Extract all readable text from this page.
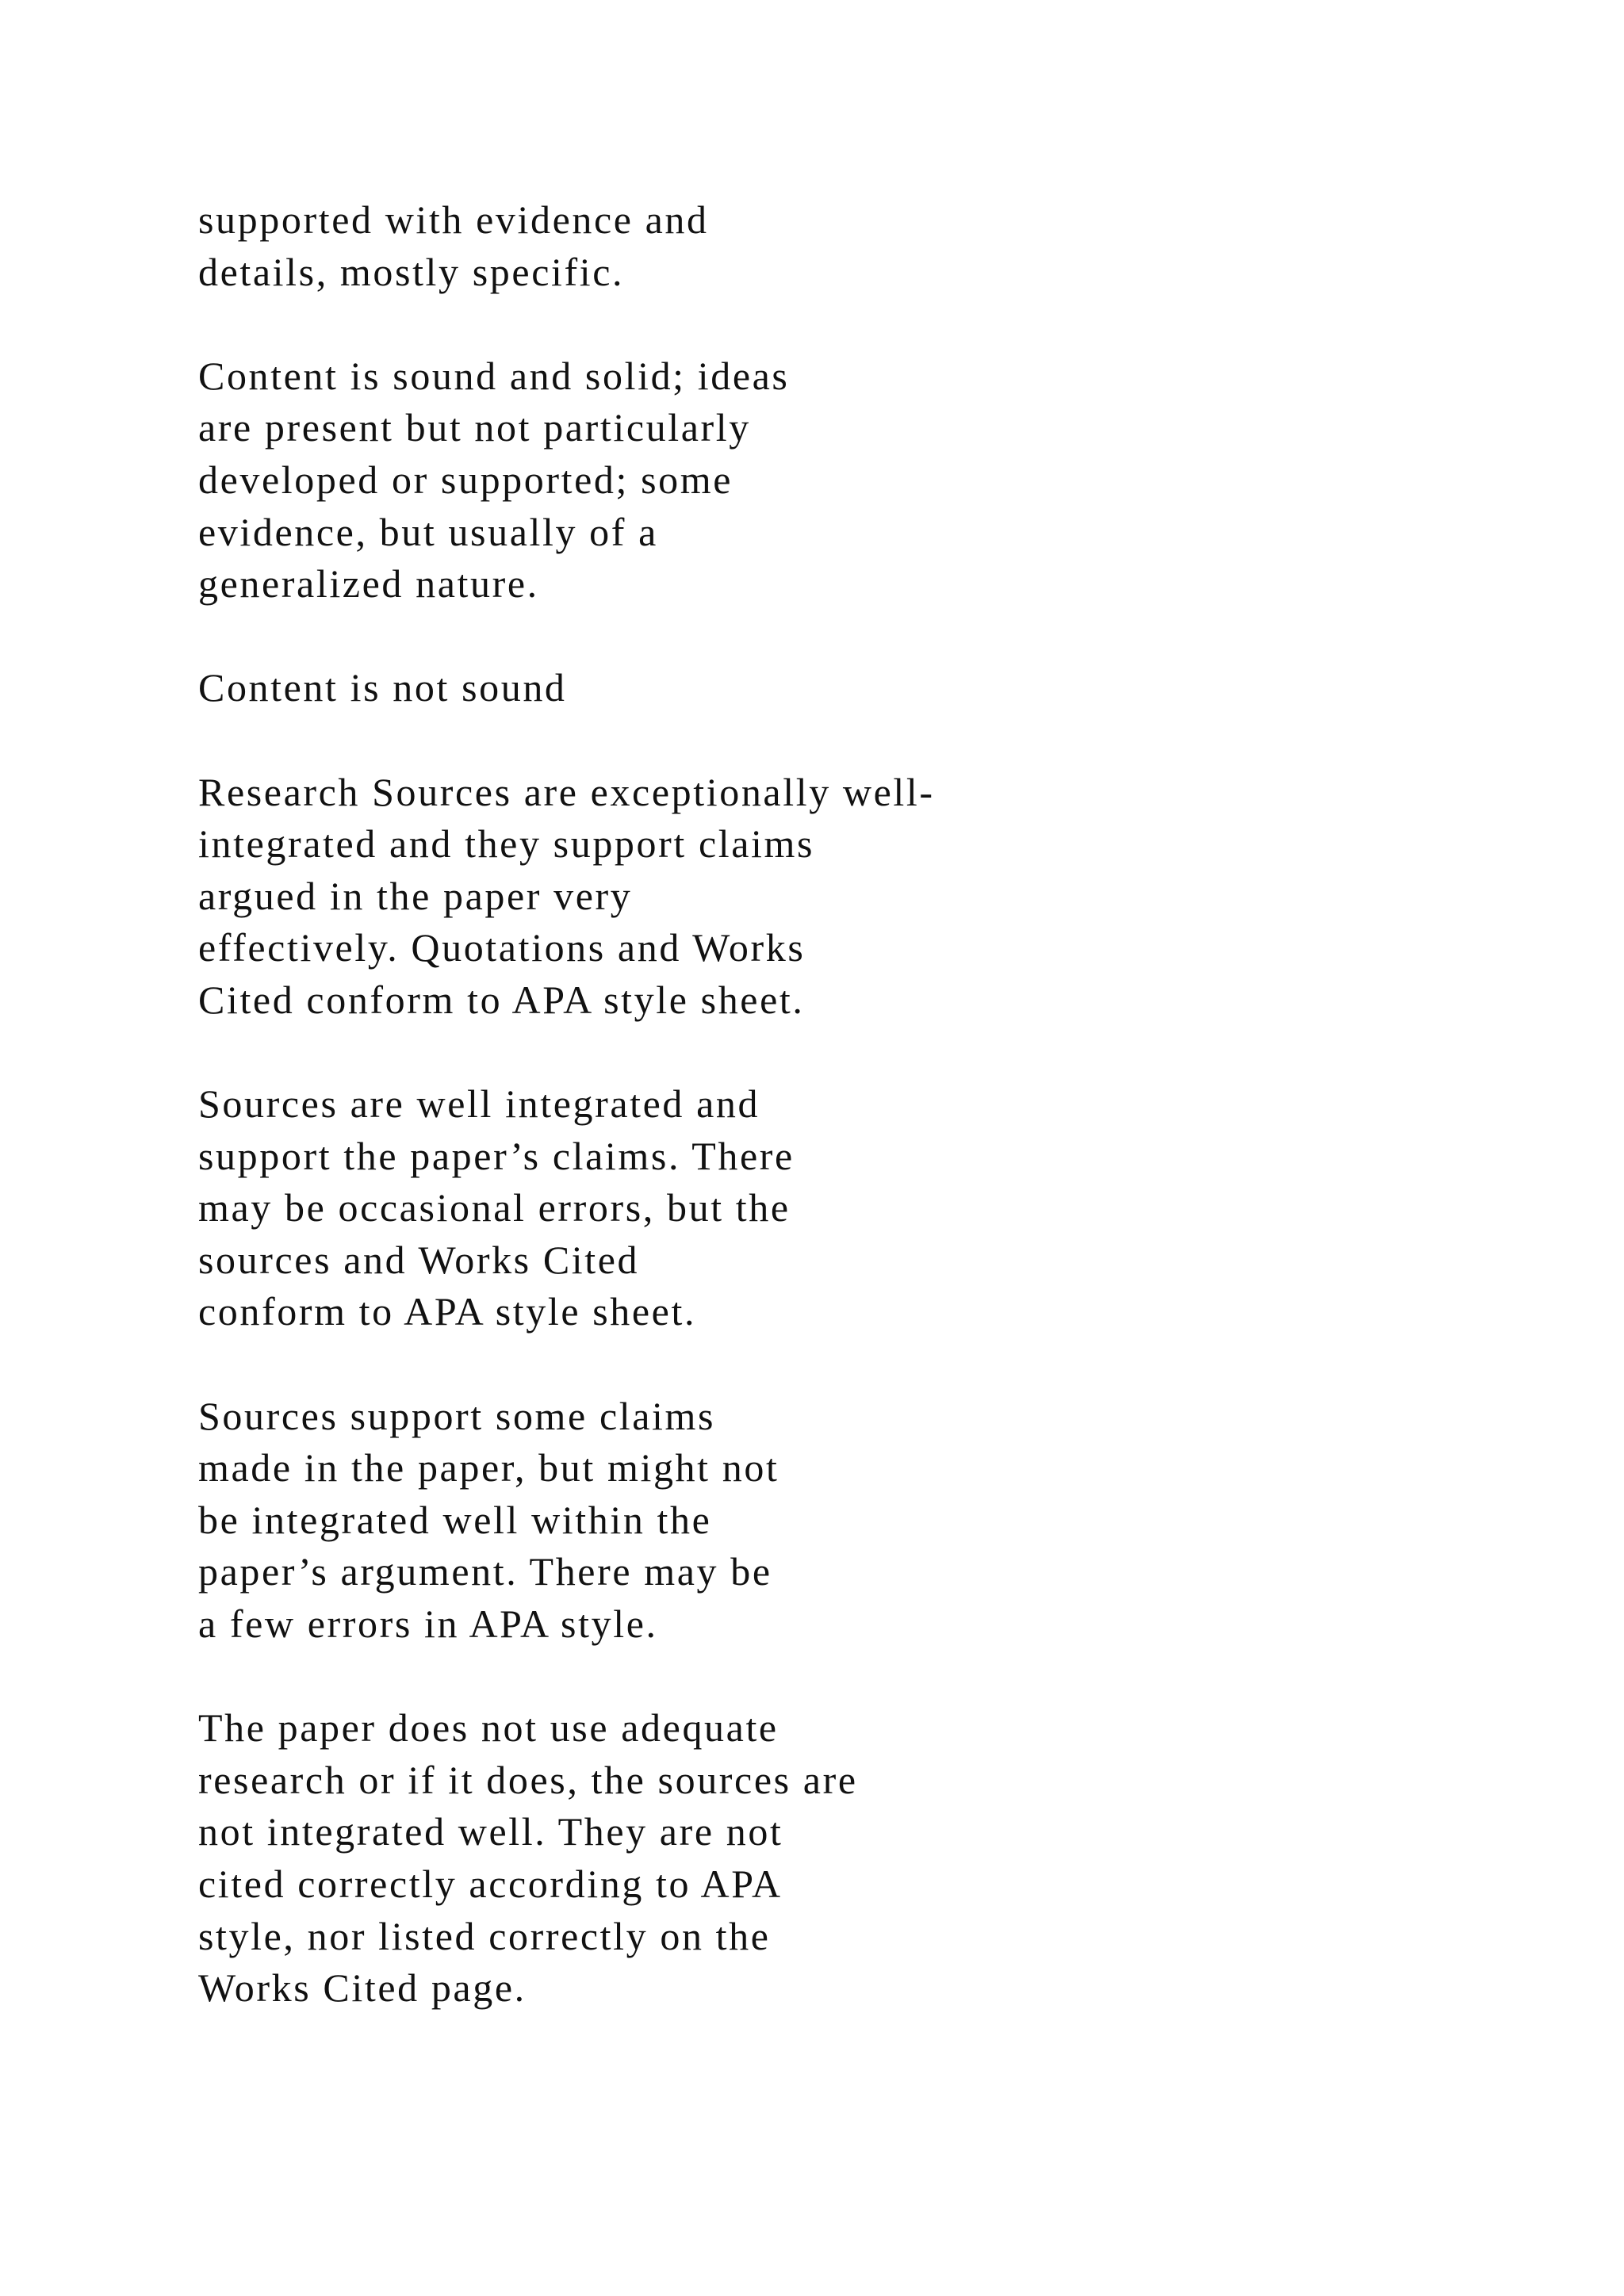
supported with evidence and
details, mostly specific.
Content is sound and solid; ideas
are present but not particularly
developed or supported; some
evidence, but usually of a
generalized nature.
Content is not sound
Research Sources are exceptionally well-
integrated and they support claims
argued in the paper very
effectively. Quotations and Works
Cited conform to APA style sheet.
Sources are well integrated and
support the paper’s claims. There
may be occasional errors, but the
sources and Works Cited
conform to APA style sheet.
Sources support some claims
made in the paper, but might not
be integrated well within the
paper’s argument. There may be
a few errors in APA style.
The paper does not use adequate
research or if it does, the sources are
not integrated well. They are not
cited correctly according to APA
style, nor listed correctly on the
Works Cited page.
